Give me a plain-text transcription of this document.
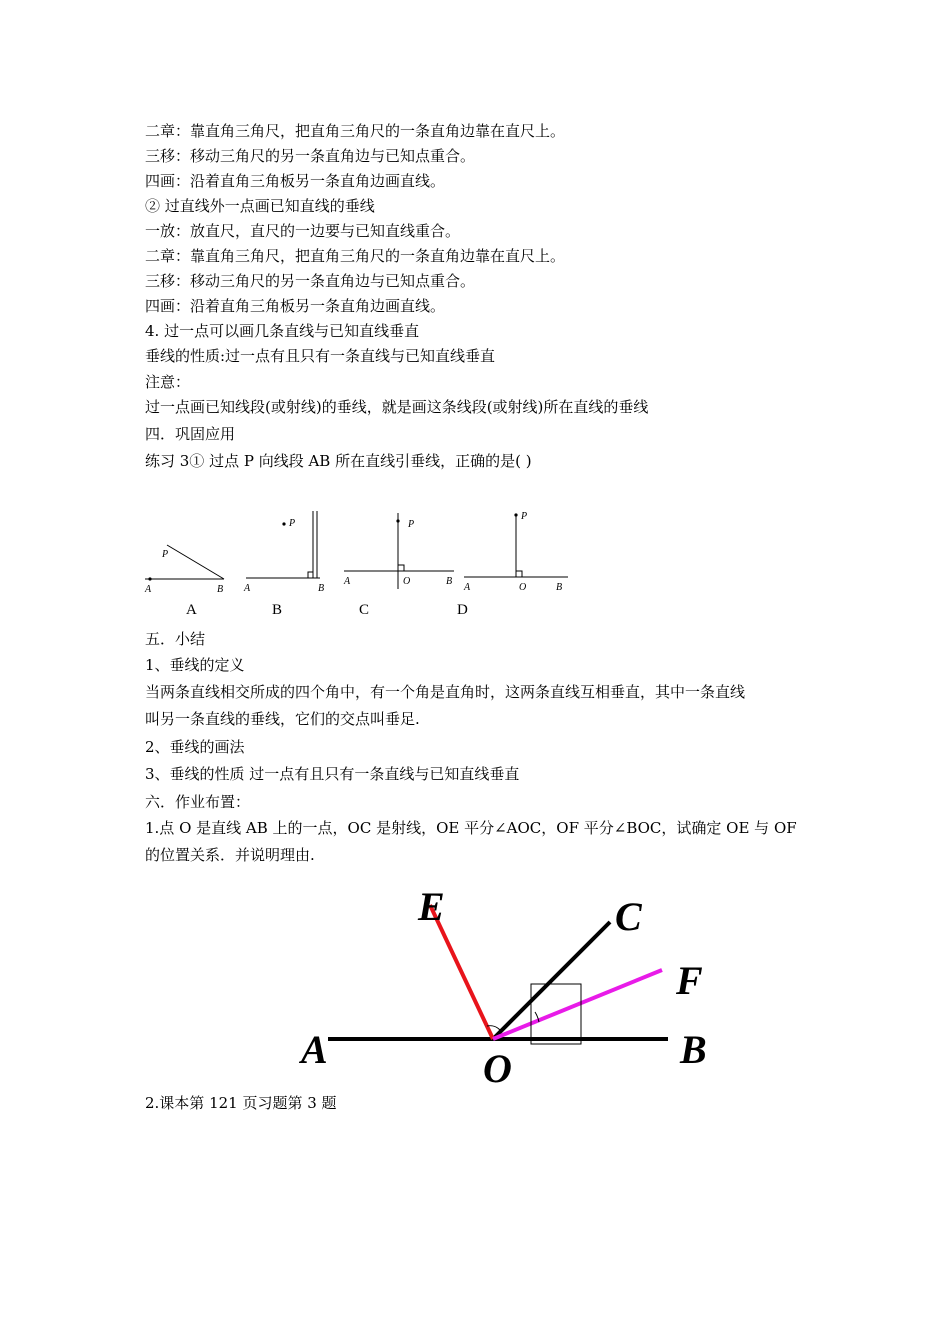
二章：靠直角三角尺，把直角三角尺的一条直角边靠在直尺上。
三移：移动三角尺的另一条直角边与已知点重合。
四画：沿着直角三角板另一条直角边画直线。
② 过直线外一点画已知直线的垂线
一放：放直尺，直尺的一边要与已知直线重合。
二章：靠直角三角尺，把直角三角尺的一条直角边靠在直尺上。
三移：移动三角尺的另一条直角边与已知点重合。
四画：沿着直角三角板另一条直角边画直线。
4. 过一点可以画几条直线与已知直线垂直
垂线的性质:过一点有且只有一条直线与已知直线垂直
注意：
过一点画已知线段(或射线)的垂线，就是画这条线段(或射线)所在直线的垂线
四．巩固应用
练习 3① 过点 P 向线段 AB 所在直线引垂线，正确的是( )
P
A	B
P
A	B
P
A	O	B
P
A	O	B
A	B	C	D
五．小结
1、垂线的定义
当两条直线相交所成的四个角中，有一个角是直角时，这两条直线互相垂直，其中一条直线
叫另一条直线的垂线，它们的交点叫垂足.
2、垂线的画法
3、垂线的性质 过一点有且只有一条直线与已知直线垂直
六．作业布置：
1.点 O 是直线 AB 上的一点，OC 是射线，OE 平分∠AOC，OF 平分∠BOC，试确定 OE 与 OF
的位置关系．并说明理由.
E	C
F
A	B
O
2.课本第 121 页习题第 3 题
